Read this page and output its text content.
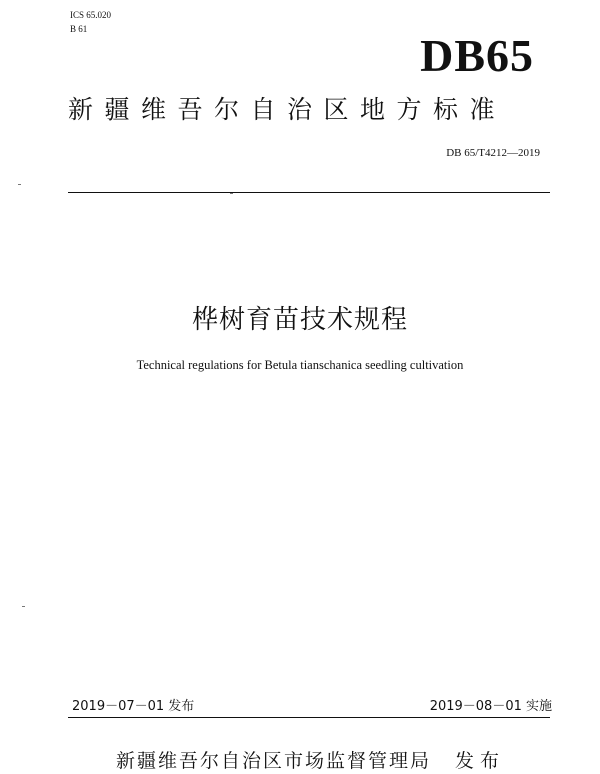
ICS 65.020
B 61
DB65
新疆维吾尔自治区地方标准
DB 65/T4212—2019
桦树育苗技术规程
Technical regulations for Betula tianschanica seedling cultivation
2019－07－01 发布	2019－08－01 实施
新疆维吾尔自治区市场监督管理局 发布
